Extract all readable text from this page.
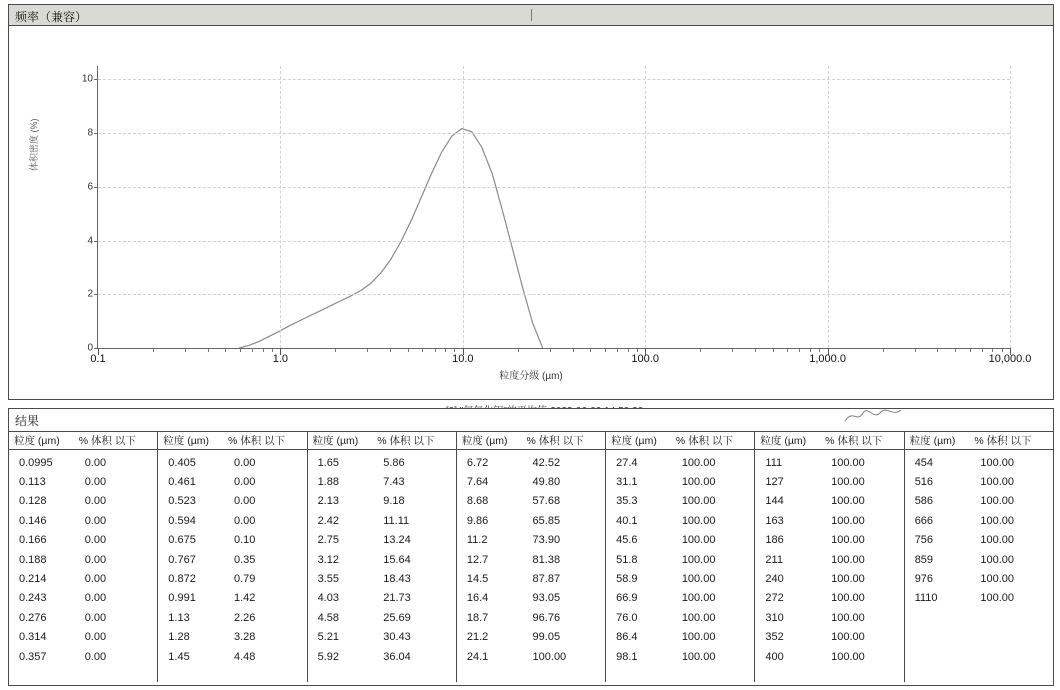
频率（兼容）
体积密度 (%)
0
2
4
6
8
10
0.1	1.0	10.0	100.0	1,000.0	10,000.0
粒度分级 (µm)
结果
粒度 (µm)	% 体积 以下
0.0995	0.00
0.113	0.00
0.128	0.00
0.146	0.00
0.166	0.00
0.188	0.00
0.214	0.00
0.243	0.00
0.276	0.00
0.314	0.00
0.357	0.00
粒度 (µm)	% 体积 以下
0.405	0.00
0.461	0.00
0.523	0.00
0.594	0.00
0.675	0.10
0.767	0.35
0.872	0.79
0.991	1.42
1.13	2.26
1.28	3.28
1.45	4.48
粒度 (µm)	% 体积 以下
1.65	5.86
1.88	7.43
2.13	9.18
2.42	11.11
2.75	13.24
3.12	15.64
3.55	18.43
4.03	21.73
4.58	25.69
5.21	30.43
5.92	36.04
粒度 (µm)	% 体积 以下
6.72	42.52
7.64	49.80
8.68	57.68
9.86	65.85
11.2	73.90
12.7	81.38
14.5	87.87
16.4	93.05
18.7	96.76
21.2	99.05
24.1	100.00
粒度 (µm)	% 体积 以下
27.4	100.00
31.1	100.00
35.3	100.00
40.1	100.00
45.6	100.00
51.8	100.00
58.9	100.00
66.9	100.00
76.0	100.00
86.4	100.00
98.1	100.00
粒度 (µm)	% 体积 以下
111	100.00
127	100.00
144	100.00
163	100.00
186	100.00
211	100.00
240	100.00
272	100.00
310	100.00
352	100.00
400	100.00
粒度 (µm)	% 体积 以下
454	100.00
516	100.00
586	100.00
666	100.00
756	100.00
859	100.00
976	100.00
1110	100.00
